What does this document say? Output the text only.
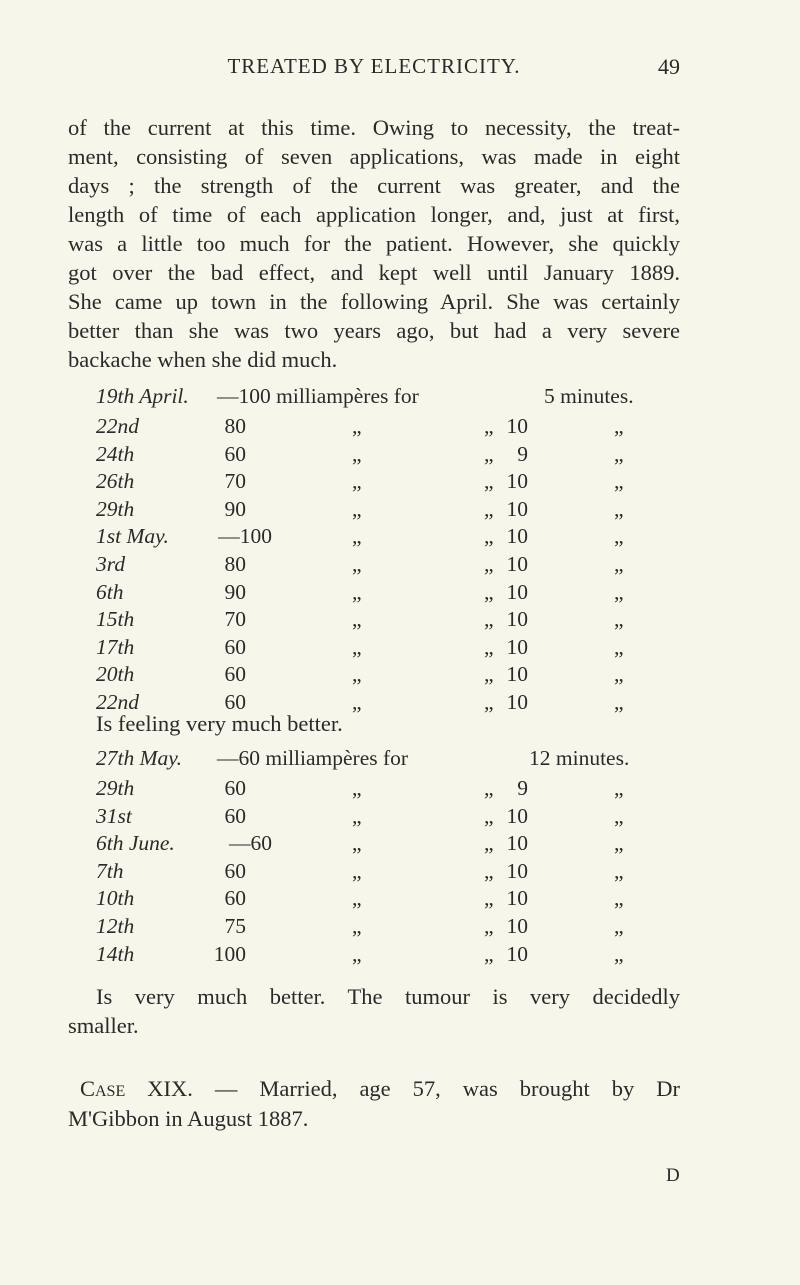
TREATED BY ELECTRICITY.	49
of the current at this time. Owing to necessity, the treat-
ment, consisting of seven applications, was made in eight
days ; the strength of the current was greater, and the
length of time of each application longer, and, just at first,
was a little too much for the patient. However, she quickly
got over the bad effect, and kept well until January 1889.
She came up town in the following April. She was certainly
better than she was two years ago, but had a very severe
backache when she did much.
19th April. —100 milliampères for	5 minutes.
22nd	80	„	„ 10	„
24th	60	„	„	9	„
26th	70	„	„ 10	„
29th	90	„	„ 10	„
1st May. —100	„	„ 10	„
3rd	80	„	„ 10	„
6th	90	„	„ 10	„
15th	70	„	„ 10	„
17th	60	„	„ 10	„
20th	60	„	„ 10	„
22nd	60	„	„ 10	„
27th May. —60 milliampères for	12 minutes.
29th	60	„	„	9	„
31st	60	„	„ 10	„
6th June.	—60	„	„ 10	„
7th	60	„	„ 10	„
10th	60	„	„ 10	„
12th	75	„	„ 10	„
14th	100	„	„ 10	„
Is feeling very much better.
Is very much better. The tumour is very decidedly
smaller.
Case XIX. — Married, age 57, was brought by Dr
M'Gibbon in August 1887.
D
